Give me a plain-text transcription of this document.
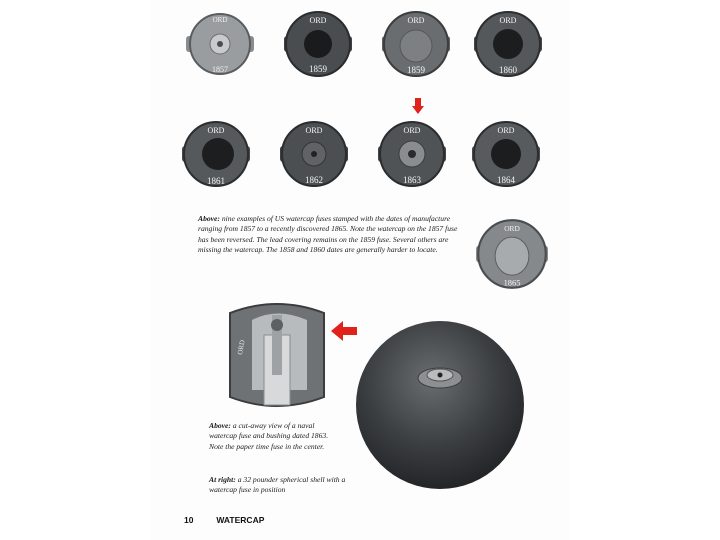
ORD
1857
ORD
1859
ORD
1859
ORD
1860
ORD
1861
ORD
1862
ORD
1863
ORD
1864
Above: nine examples of US watercap fuses stamped with the dates of manufacture ranging from 1857 to a recently discovered 1865. Note the watercap on the 1857 fuse has been reversed. The lead covering remains on the 1859 fuse. Several others are missing the watercap. The 1858 and 1860 dates are generally harder to locate.
ORD
1865
ORD
Above: a cut-away view of a naval watercap fuse and bushing dated 1863. Note the paper time fuse in the center.
At right: a 32 pounder spherical shell with a watercap fuse in position
10	WATERCAP
